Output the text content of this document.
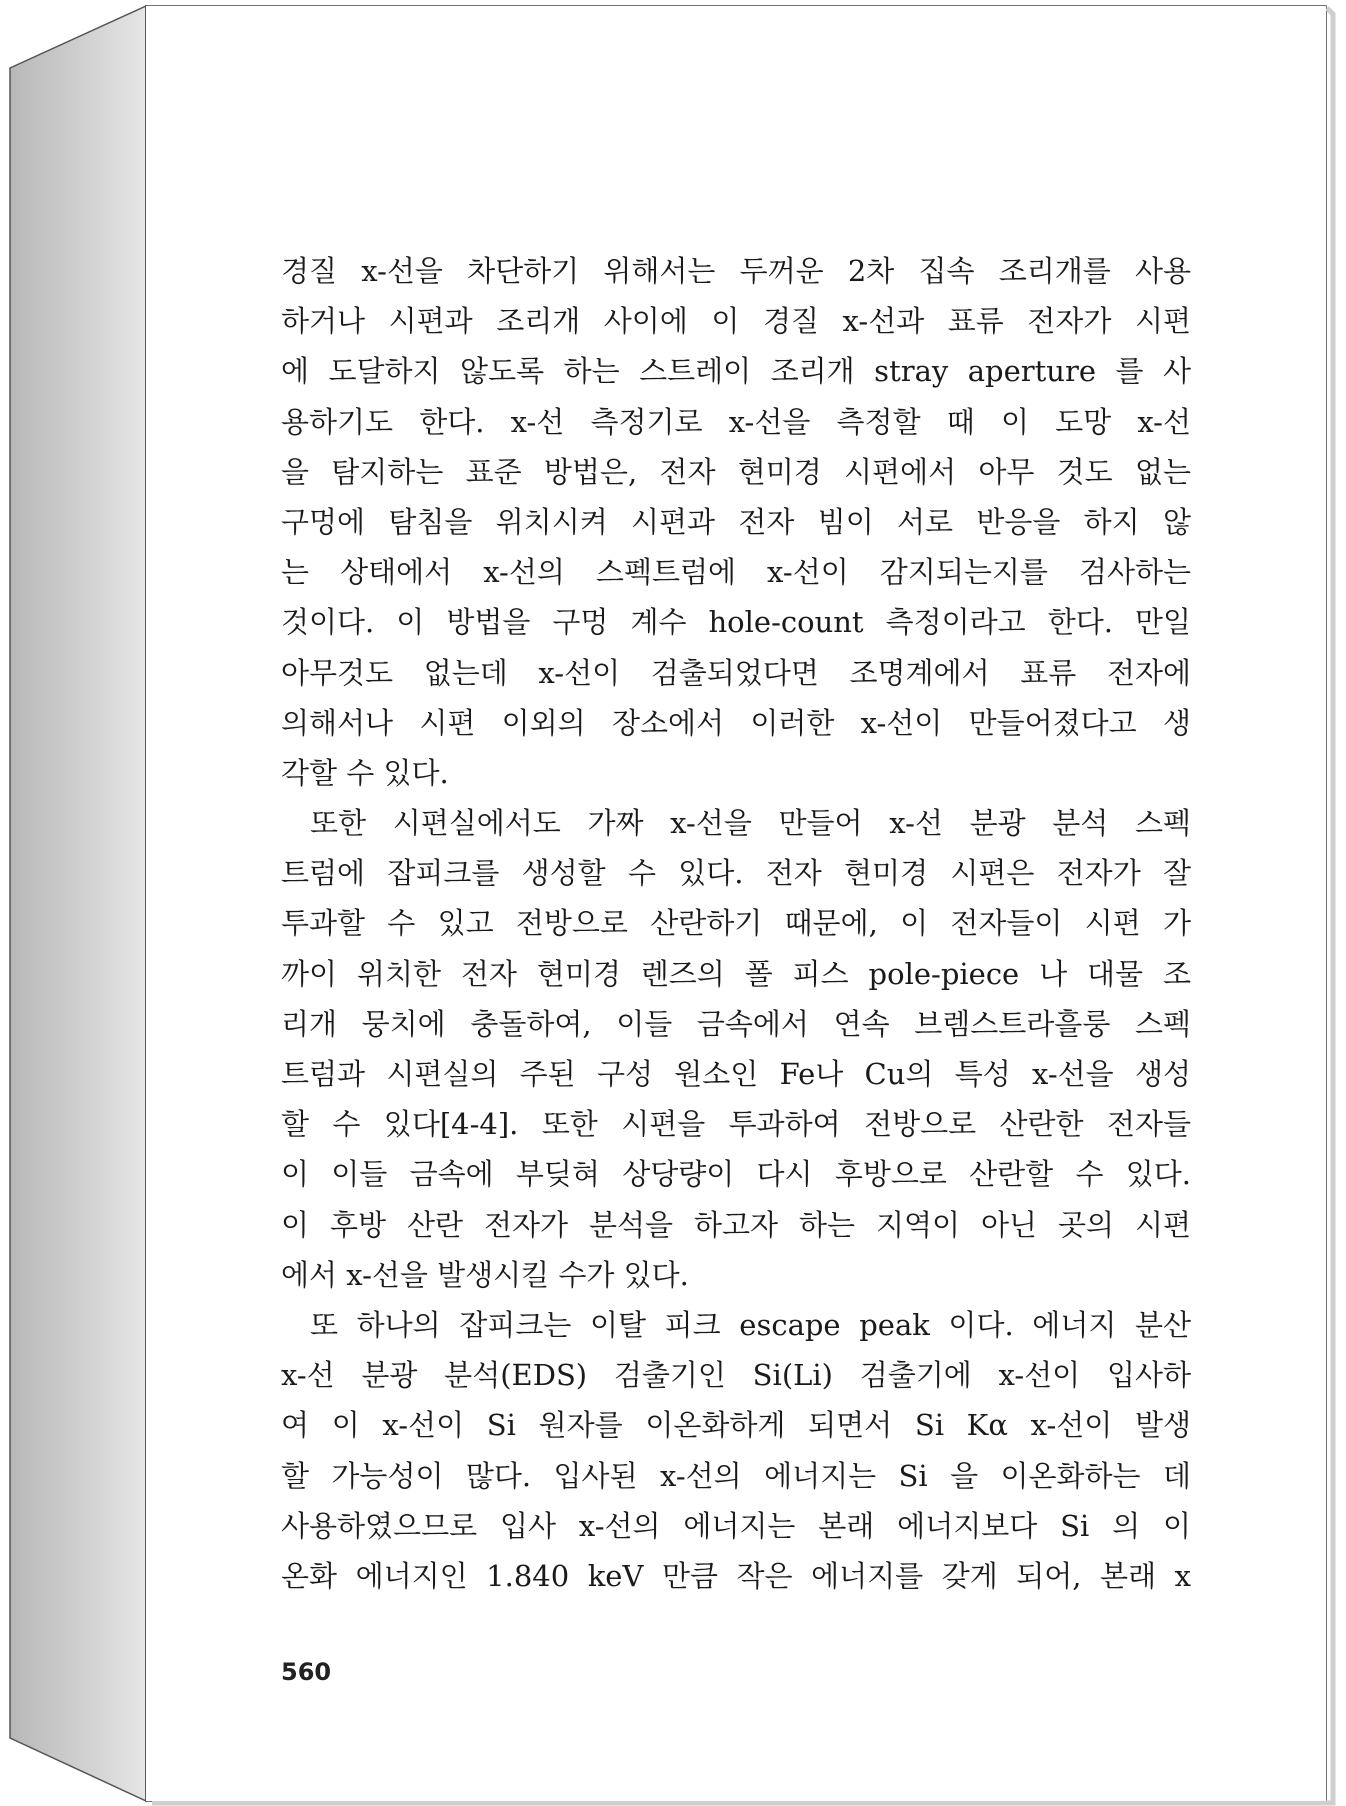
경질 x-선을 차단하기 위해서는 두꺼운 2차 집속 조리개를 사용
하거나 시편과 조리개 사이에 이 경질 x-선과 표류 전자가 시편
에 도달하지 않도록 하는 스트레이 조리개 stray aperture 를 사
용하기도 한다. x-선 측정기로 x-선을 측정할 때 이 도망 x-선
을 탐지하는 표준 방법은, 전자 현미경 시편에서 아무 것도 없는
구멍에 탐침을 위치시켜 시편과 전자 빔이 서로 반응을 하지 않
는 상태에서 x-선의 스펙트럼에 x-선이 감지되는지를 검사하는
것이다. 이 방법을 구멍 계수 hole-count 측정이라고 한다. 만일
아무것도 없는데 x-선이 검출되었다면 조명계에서 표류 전자에
의해서나 시편 이외의 장소에서 이러한 x-선이 만들어졌다고 생
각할 수 있다.
또한 시편실에서도 가짜 x-선을 만들어 x-선 분광 분석 스펙
트럼에 잡피크를 생성할 수 있다. 전자 현미경 시편은 전자가 잘
투과할 수 있고 전방으로 산란하기 때문에, 이 전자들이 시편 가
까이 위치한 전자 현미경 렌즈의 폴 피스 pole-piece 나 대물 조
리개 뭉치에 충돌하여, 이들 금속에서 연속 브렘스트라흘룽 스펙
트럼과 시편실의 주된 구성 원소인 Fe나 Cu의 특성 x-선을 생성
할 수 있다[4-4]. 또한 시편을 투과하여 전방으로 산란한 전자들
이 이들 금속에 부딪혀 상당량이 다시 후방으로 산란할 수 있다.
이 후방 산란 전자가 분석을 하고자 하는 지역이 아닌 곳의 시편
에서 x-선을 발생시킬 수가 있다.
또 하나의 잡피크는 이탈 피크 escape peak 이다. 에너지 분산
x-선 분광 분석(EDS) 검출기인 Si(Li) 검출기에 x-선이 입사하
여 이 x-선이 Si 원자를 이온화하게 되면서 Si Kα x-선이 발생
할 가능성이 많다. 입사된 x-선의 에너지는 Si 을 이온화하는 데
사용하였으므로 입사 x-선의 에너지는 본래 에너지보다 Si 의 이
온화 에너지인 1.840 keV 만큼 작은 에너지를 갖게 되어, 본래 x
560
